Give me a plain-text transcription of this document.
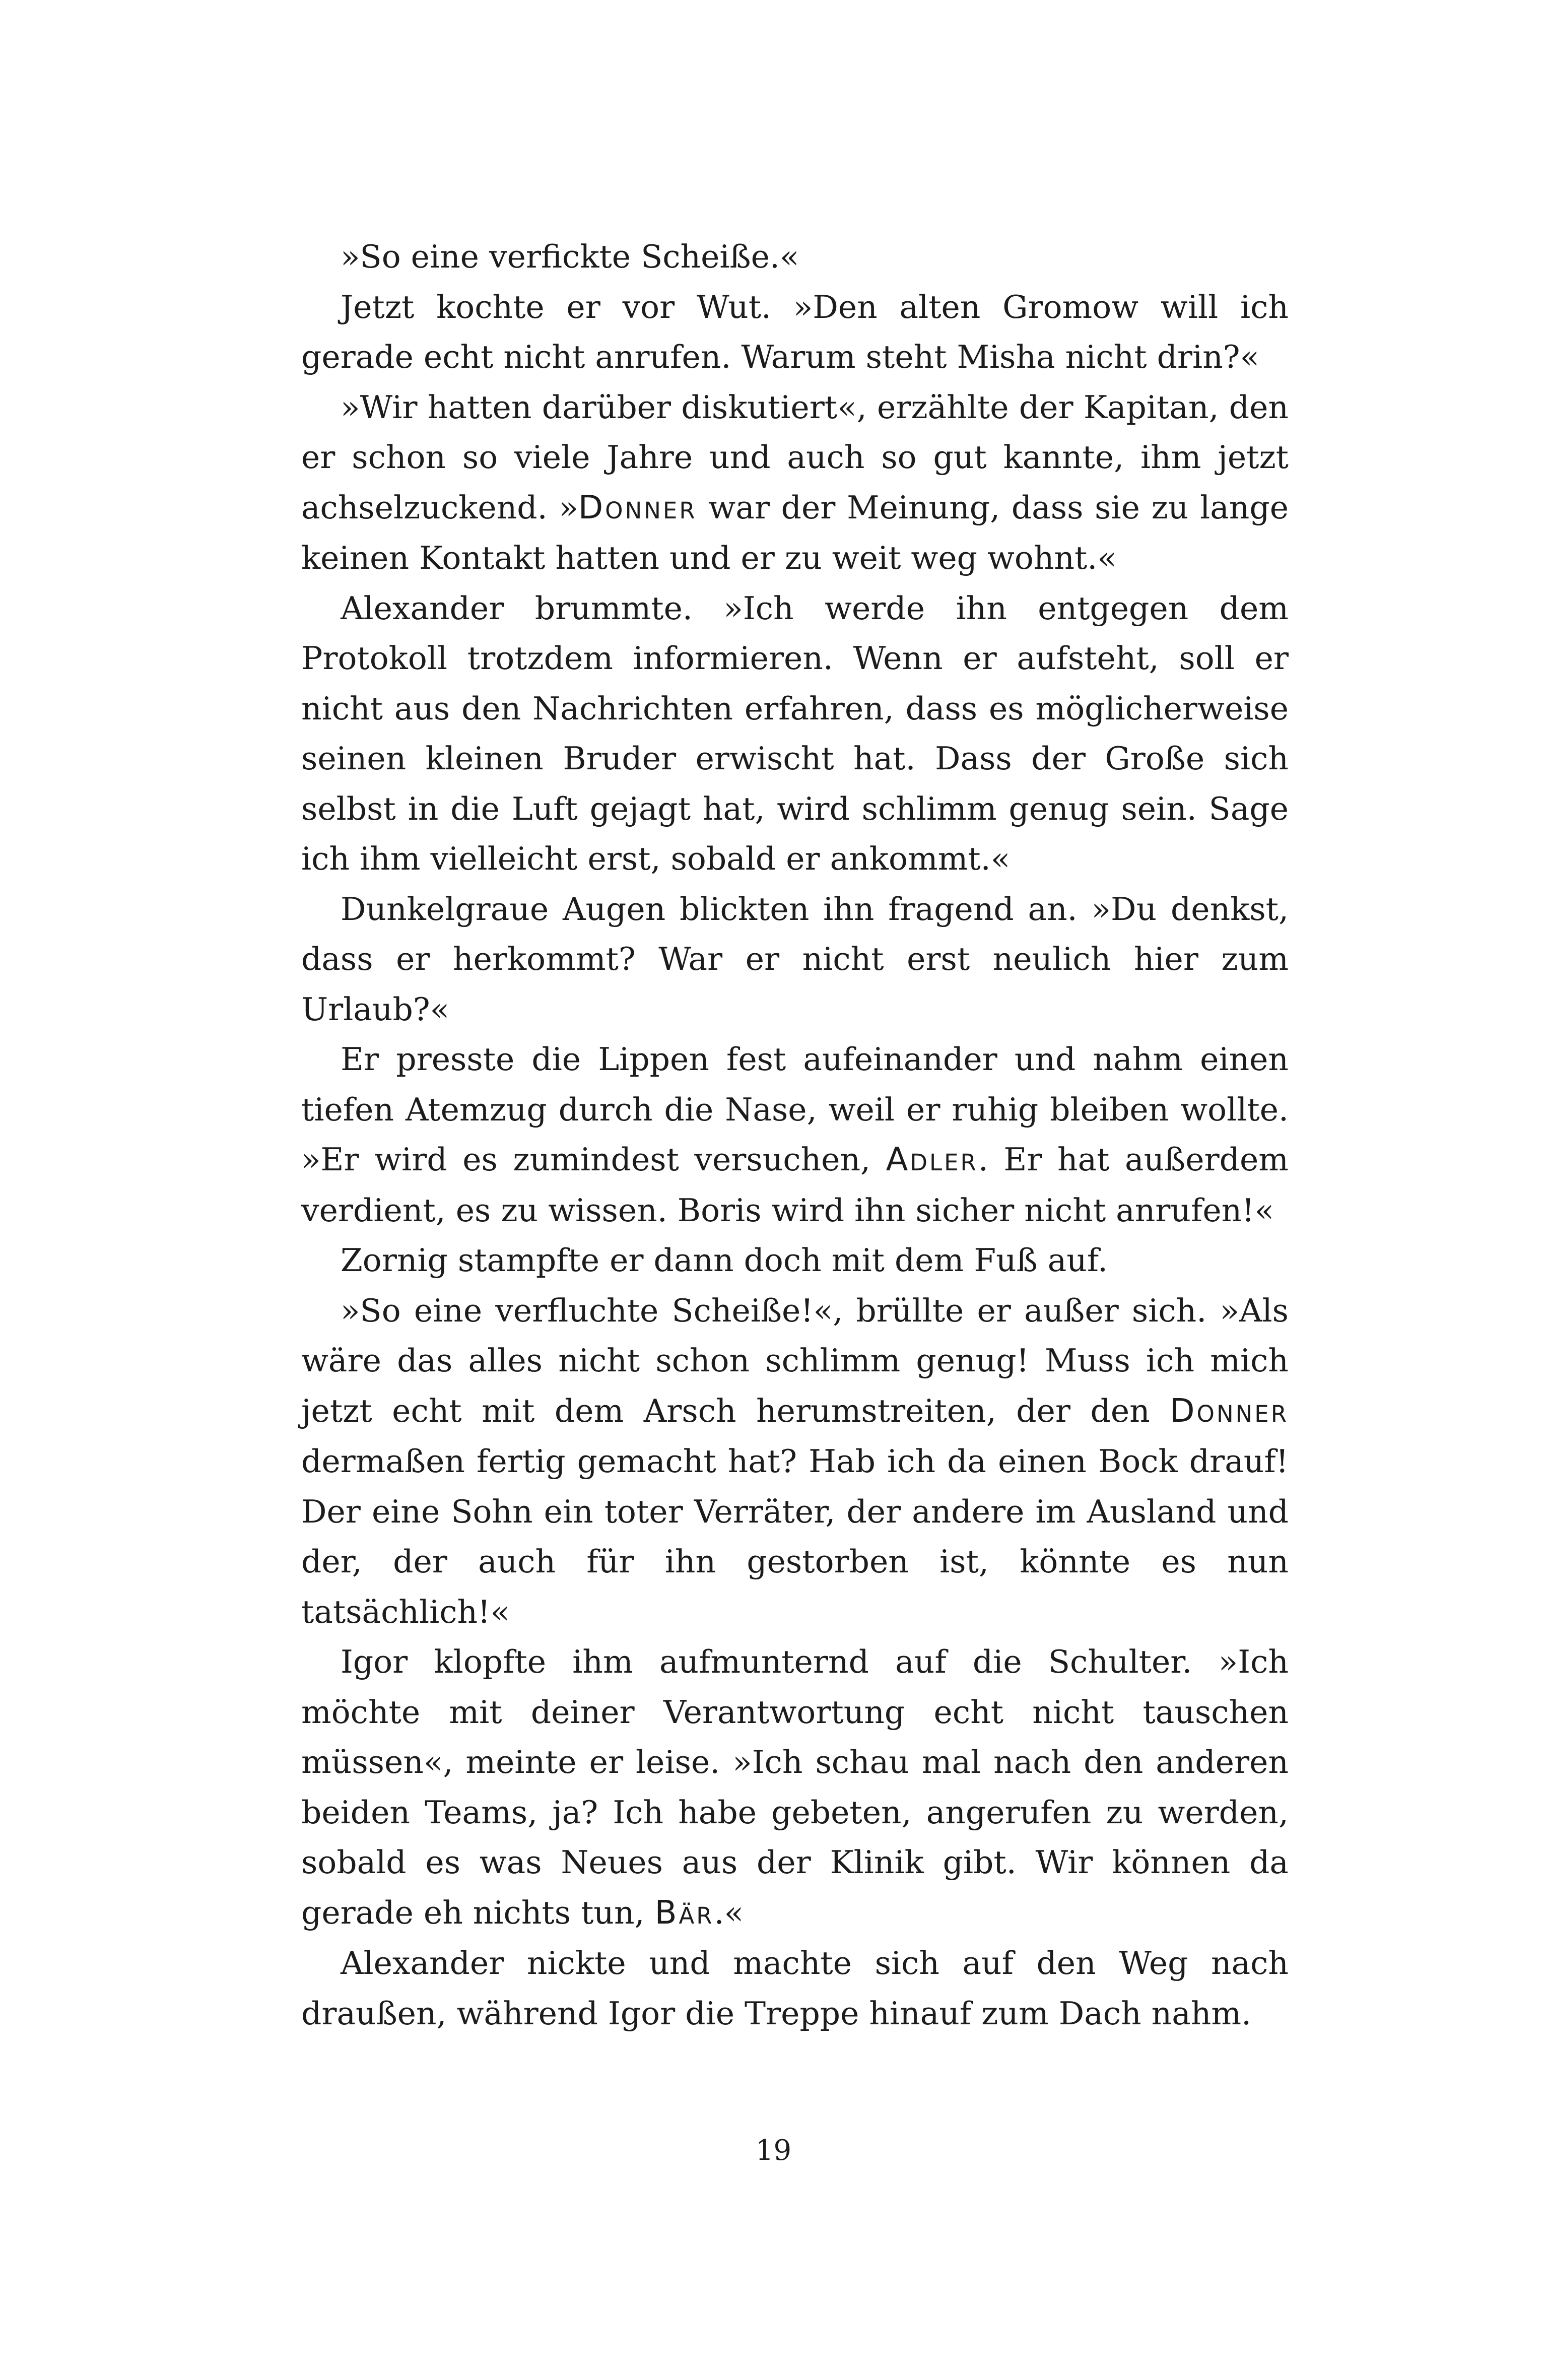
»So eine verfickte Scheiße.«

Jetzt kochte er vor Wut. »Den alten Gromow will ich gerade echt nicht anrufen. Warum steht Misha nicht drin?«

»Wir hatten darüber diskutiert«, erzählte der Kapitan, den er schon so viele Jahre und auch so gut kannte, ihm jetzt achselzuckend. »Donner war der Meinung, dass sie zu lange keinen Kontakt hatten und er zu weit weg wohnt.«

Alexander brummte. »Ich werde ihn entgegen dem Protokoll trotzdem informieren. Wenn er aufsteht, soll er nicht aus den Nachrichten erfahren, dass es möglicherweise seinen kleinen Bruder erwischt hat. Dass der Große sich selbst in die Luft gejagt hat, wird schlimm genug sein. Sage ich ihm vielleicht erst, sobald er ankommt.«

Dunkelgraue Augen blickten ihn fragend an. »Du denkst, dass er herkommt? War er nicht erst neulich hier zum Urlaub?«

Er presste die Lippen fest aufeinander und nahm einen tiefen Atemzug durch die Nase, weil er ruhig bleiben wollte. »Er wird es zumindest versuchen, Adler. Er hat außerdem verdient, es zu wissen. Boris wird ihn sicher nicht anrufen!«

Zornig stampfte er dann doch mit dem Fuß auf.

»So eine verfluchte Scheiße!«, brüllte er außer sich. »Als wäre das alles nicht schon schlimm genug! Muss ich mich jetzt echt mit dem Arsch herumstreiten, der den Donner dermaßen fertig gemacht hat? Hab ich da einen Bock drauf! Der eine Sohn ein toter Verräter, der andere im Ausland und der, der auch für ihn gestorben ist, könnte es nun tatsächlich!«

Igor klopfte ihm aufmunternd auf die Schulter. »Ich möchte mit deiner Verantwortung echt nicht tauschen müssen«, meinte er leise. »Ich schau mal nach den anderen beiden Teams, ja? Ich habe gebeten, angerufen zu werden, sobald es was Neues aus der Klinik gibt. Wir können da gerade eh nichts tun, Bär.«

Alexander nickte und machte sich auf den Weg nach draußen, während Igor die Treppe hinauf zum Dach nahm.

19
